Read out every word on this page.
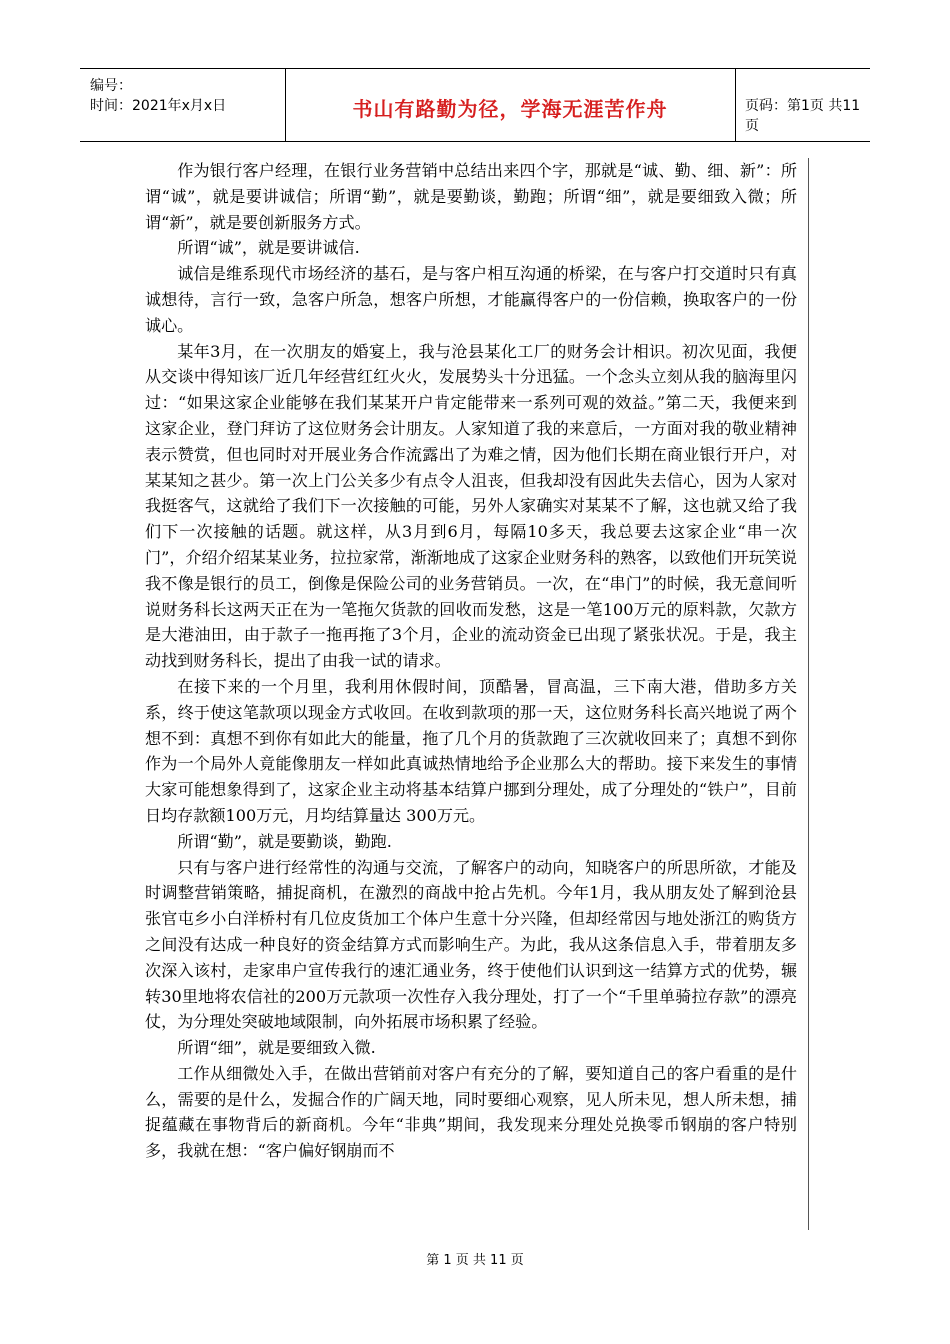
编号：
时间：2021年x月x日	书山有路勤为径，学海无涯苦作舟	页码：第1页 共11页

作为银行客户经理，在银行业务营销中总结出来四个字，那就是“诚、勤、细、新”：所谓“诚”，就是要讲诚信；所谓“勤”，就是要勤谈，勤跑；所谓“细”，就是要细致入微；所谓“新”，就是要创新服务方式。

所谓“诚”，就是要讲诚信.

诚信是维系现代市场经济的基石，是与客户相互沟通的桥梁，在与客户打交道时只有真诚想待，言行一致，急客户所急，想客户所想，才能赢得客户的一份信赖，换取客户的一份诚心。

某年3月，在一次朋友的婚宴上，我与沧县某化工厂的财务会计相识。初次见面，我便从交谈中得知该厂近几年经营红红火火，发展势头十分迅猛。一个念头立刻从我的脑海里闪过：“如果这家企业能够在我们某某开户肯定能带来一系列可观的效益。”第二天，我便来到这家企业，登门拜访了这位财务会计朋友。人家知道了我的来意后，一方面对我的敬业精神表示赞赏，但也同时对开展业务合作流露出了为难之情，因为他们长期在商业银行开户，对某某知之甚少。第一次上门公关多少有点令人沮丧，但我却没有因此失去信心，因为人家对我挺客气，这就给了我们下一次接触的可能，另外人家确实对某某不了解，这也就又给了我们下一次接触的话题。就这样，从3月到6月，每隔10多天，我总要去这家企业“串一次门”，介绍介绍某某业务，拉拉家常，渐渐地成了这家企业财务科的熟客，以致他们开玩笑说我不像是银行的员工，倒像是保险公司的业务营销员。一次，在“串门”的时候，我无意间听说财务科长这两天正在为一笔拖欠货款的回收而发愁，这是一笔100万元的原料款，欠款方是大港油田，由于款子一拖再拖了3个月，企业的流动资金已出现了紧张状况。于是，我主动找到财务科长，提出了由我一试的请求。

在接下来的一个月里，我利用休假时间，顶酷暑，冒高温，三下南大港，借助多方关系，终于使这笔款项以现金方式收回。在收到款项的那一天，这位财务科长高兴地说了两个想不到：真想不到你有如此大的能量，拖了几个月的货款跑了三次就收回来了；真想不到你作为一个局外人竟能像朋友一样如此真诚热情地给予企业那么大的帮助。接下来发生的事情大家可能想象得到了，这家企业主动将基本结算户挪到分理处，成了分理处的“铁户”，目前日均存款额100万元，月均结算量达 300万元。

所谓“勤”，就是要勤谈，勤跑.

只有与客户进行经常性的沟通与交流，了解客户的动向，知晓客户的所思所欲，才能及时调整营销策略，捕捉商机，在激烈的商战中抢占先机。今年1月，我从朋友处了解到沧县张官屯乡小白洋桥村有几位皮货加工个体户生意十分兴隆，但却经常因与地处浙江的购货方之间没有达成一种良好的资金结算方式而影响生产。为此，我从这条信息入手，带着朋友多次深入该村，走家串户宣传我行的速汇通业务，终于使他们认识到这一结算方式的优势，辗转30里地将农信社的200万元款项一次性存入我分理处，打了一个“千里单骑拉存款”的漂亮仗，为分理处突破地域限制，向外拓展市场积累了经验。

所谓“细”，就是要细致入微.

工作从细微处入手，在做出营销前对客户有充分的了解，要知道自己的客户看重的是什么，需要的是什么，发掘合作的广阔天地，同时要细心观察，见人所未见，想人所未想，捕捉蕴藏在事物背后的新商机。今年“非典”期间，我发现来分理处兑换零币钢崩的客户特别多，我就在想：“客户偏好钢崩而不

第 1 页 共 11 页
